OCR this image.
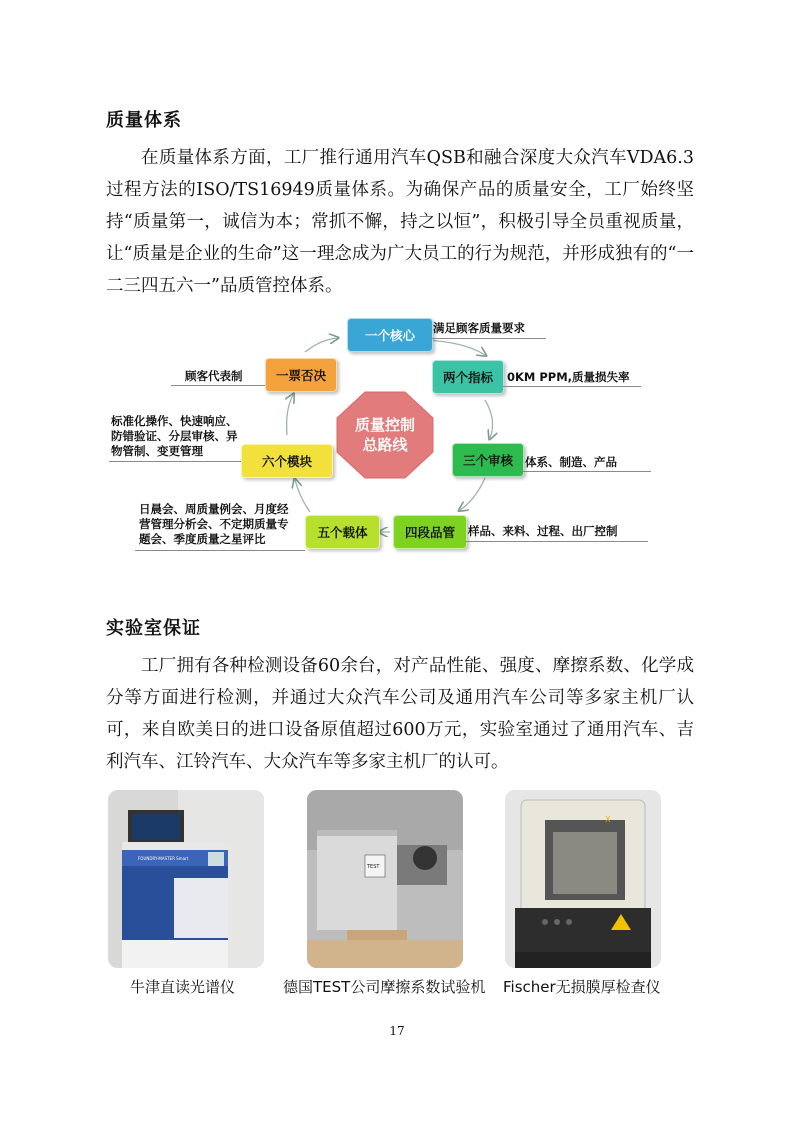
质量体系

在质量体系方面，工厂推行通用汽车QSB和融合深度大众汽车VDA6.3过程方法的ISO/TS16949质量体系。为确保产品的质量安全，工厂始终坚持“质量第一，诚信为本；常抓不懈，持之以恒”，积极引导全员重视质量，让“质量是企业的生命”这一理念成为广大员工的行为规范，并形成独有的“一二三四五六一”品质管控体系。

质量控制
总路线
一个核心
两个指标
三个审核
四段品管
五个载体
六个模块
一票否决
满足顾客质量要求
0KM PPM,质量损失率
体系、制造、产品
样品、来料、过程、出厂控制
日晨会、周质量例会、月度经
营管理分析会、不定期质量专
题会、季度质量之星评比
标准化操作、快速响应、
防错验证、分层审核、异
物管制、变更管理
顾客代表制
实验室保证

工厂拥有各种检测设备60余台，对产品性能、强度、摩擦系数、化学成分等方面进行检测，并通过大众汽车公司及通用汽车公司等多家主机厂认可，来自欧美日的进口设备原值超过600万元，实验室通过了通用汽车、吉利汽车、江铃汽车、大众汽车等多家主机厂的认可。

FOUNDRY-MASTER Smart
TEST
X
牛津直读光谱仪	德国TEST公司摩擦系数试验机 Fischer无损膜厚检查仪
17
